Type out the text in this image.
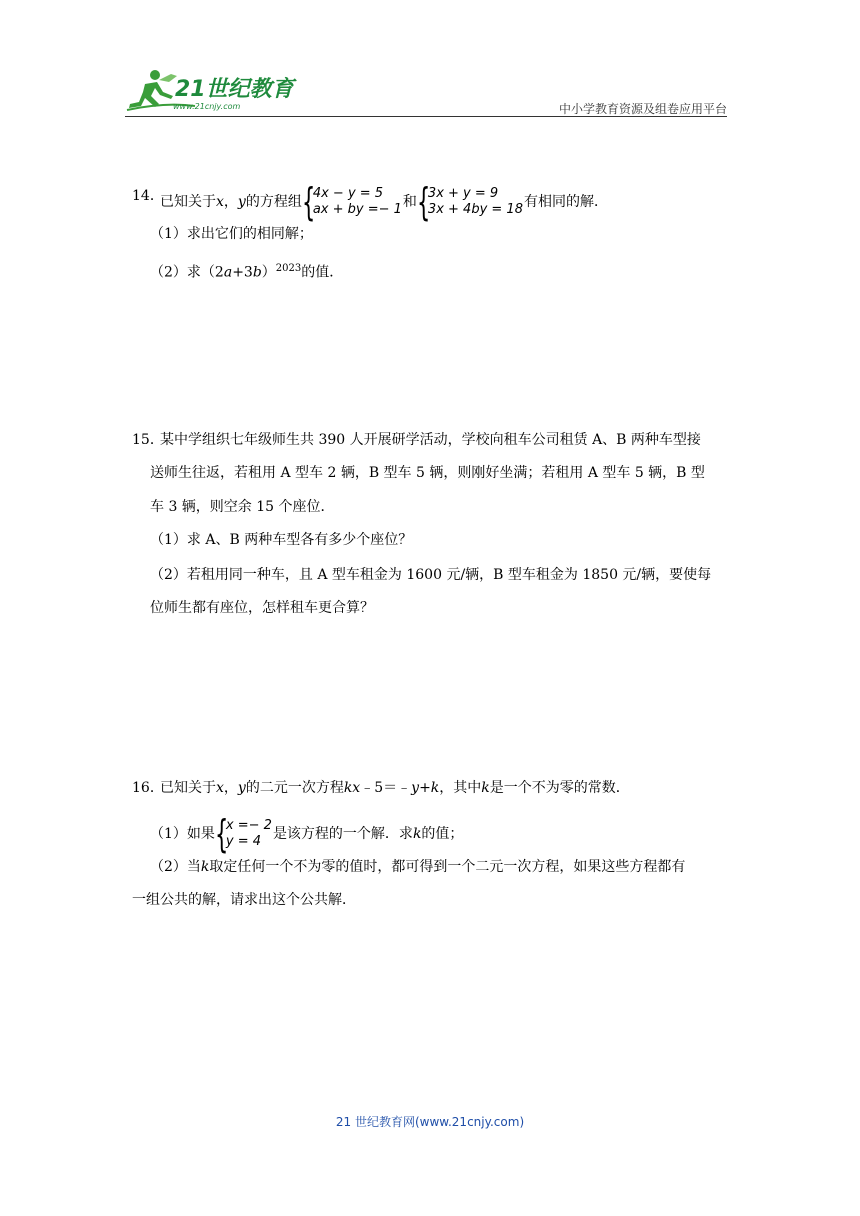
21世纪教育
www.21cnjy.com	中小学教育资源及组卷应用平台
14．
已知关于x，y的方程组 {
4x − y = 5
ax + by =− 1 和 {
3x + y = 9
3x + 4by = 18 有相同的解．
（1）求出它们的相同解；
（2）求$(2a+3b)^{2023}$的值．
15．
某中学组织七年级师生共 390 人开展研学活动，学校向租车公司租赁 A、B 两种车型接
送师生往返，若租用 A 型车 2 辆，B 型车 5 辆，则刚好坐满；若租用 A 型车 5 辆，B 型
车 3 辆，则空余 15 个座位．
（1）求 A、B 两种车型各有多少个座位？
（2）若租用同一种车，且 A 型车租金为 1600 元/辆，B 型车租金为 1850 元/辆，要使每
位师生都有座位，怎样租车更合算？
16．
已知关于x，y的二元一次方程kx﹣5＝﹣y+k，其中k是一个不为零的常数．
（1）如果 {
x =− 2
y = 4 是该方程的一个解．求k的值；
（2）当k取定任何一个不为零的值时，都可得到一个二元一次方程，如果这些方程都有
一组公共的解，请求出这个公共解．
21 世纪教育网(www.21cnjy.com)
